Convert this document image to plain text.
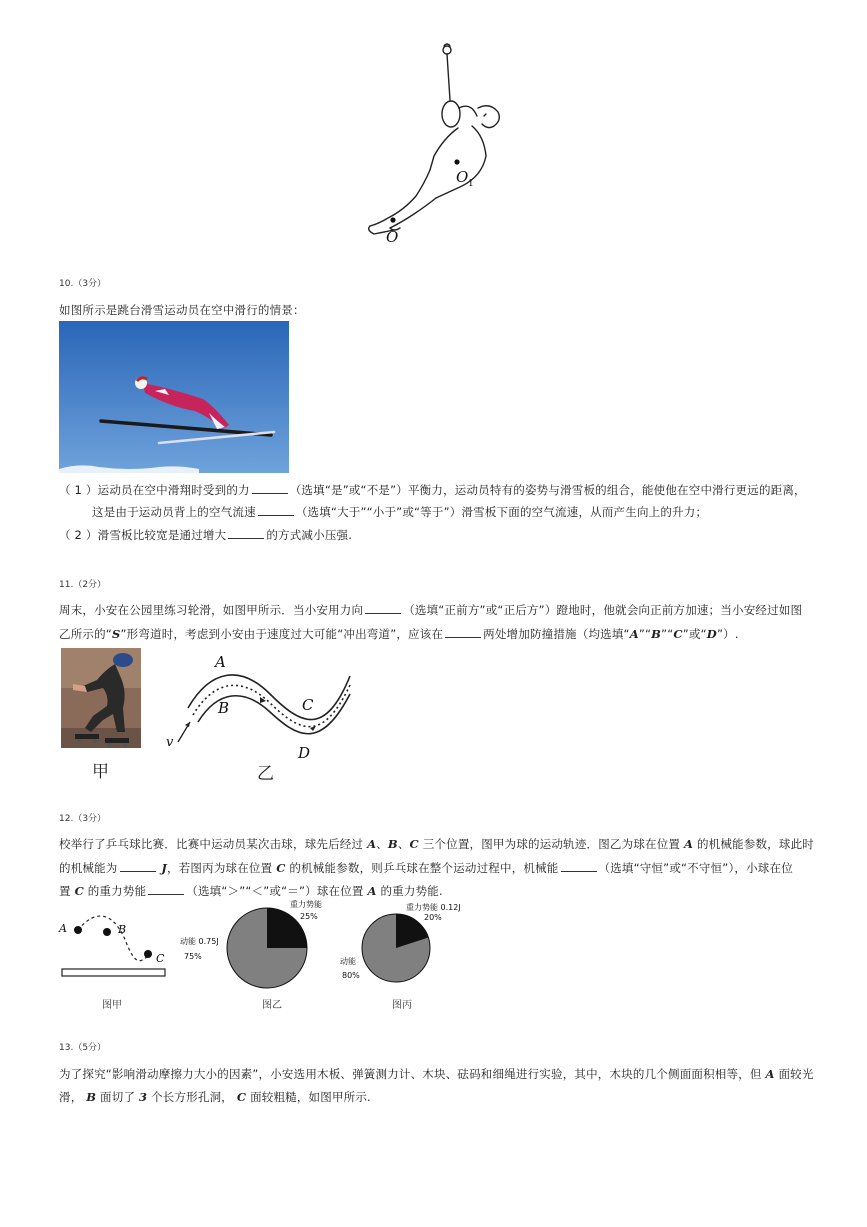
O 1
O
10.（3分）
如图所示是跳台滑雪运动员在空中滑行的情景：
（ 1 ）运动员在空中滑翔时受到的力	（选填“是”或“不是”）平衡力，运动员特有的姿势与滑雪板的组合，能使他在空中滑行更远的距离，
这是由于运动员背上的空气流速	（选填“大于”“小于”或“等于”）滑雪板下面的空气流速，从而产生向上的升力；
（ 2 ）滑雪板比较宽是通过增大	的方式减小压强.
11.（2分）
周末，小安在公园里练习轮滑，如图甲所示．当小安用力向	（选填“正前方”或“正后方”）蹬地时，他就会向正前方加速；当小安经过如图
乙所示的“S”形弯道时，考虑到小安由于速度过大可能“冲出弯道”，应该在	两处增加防撞措施（均选填“A”“B”“C”或“D”）.
甲
A
B	C
D
v
乙
12.（3分）
校举行了乒乓球比赛．比赛中运动员某次击球，球先后经过 A、B、C 三个位置，图甲为球的运动轨迹．图乙为球在位置 A 的机械能参数，球此时
的机械能为	J，若图丙为球在位置 C 的机械能参数，则乒乓球在整个运动过程中，机械能	（选填“守恒”或“不守恒”），小球在位
置 C 的重力势能	（选填“＞”“＜”或“＝”）球在位置 A 的重力势能.
A	B
C
图甲
重力势能
25%
动能 0.75J
75%
图乙
重力势能 0.12J
20%
动能
80%
图丙
13.（5分）
为了探究“影响滑动摩擦力大小的因素”，小安选用木板、弹簧测力计、木块、砝码和细绳进行实验，其中，木块的几个侧面面积相等，但 A 面较光
滑， B 面切了 3 个长方形孔洞， C 面较粗糙，如图甲所示.
